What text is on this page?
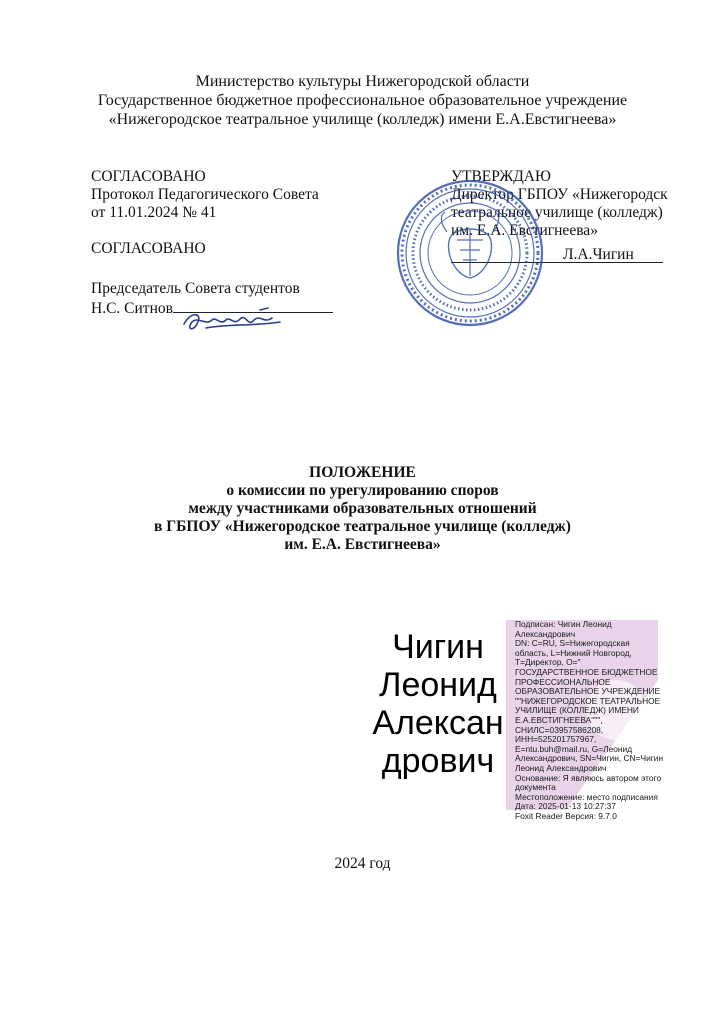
Министерство культуры Нижегородской области
Государственное бюджетное профессиональное образовательное учреждение
«Нижегородское театральное училище (колледж) имени Е.А.Евстигнеева»
СОГЛАСОВАНО
Протокол Педагогического Совета
от 11.01.2024 № 41
СОГЛАСОВАНО
Председатель Совета студентов
Н.С. Ситнов
УТВЕРЖДАЮ
Директор ГБПОУ «Нижегородск
театральное училище (колледж)
им. Е.А. Евстигнеева»
Л.А.Чигин
ПОЛОЖЕНИЕ
о комиссии по урегулированию споров
между участниками образовательных отношений
в ГБПОУ «Нижегородское театральное училище (колледж)
им. Е.А. Евстигнеева»
Чигин
Леонид
Алексан
дрович
Подписан: Чигин Леонид
Александрович
DN: C=RU, S=Нижегородская
область, L=Нижний Новгород,
T=Директор, O="
ГОСУДАРСТВЕННОЕ БЮДЖЕТНОЕ
ПРОФЕССИОНАЛЬНОЕ
ОБРАЗОВАТЕЛЬНОЕ УЧРЕЖДЕНИЕ
""НИЖЕГОРОДСКОЕ ТЕАТРАЛЬНОЕ
УЧИЛИЩЕ (КОЛЛЕДЖ) ИМЕНИ
Е.А.ЕВСТИГНЕЕВА""",
СНИЛС=03957586208,
ИНН=525201757967,
E=ntu.buh@mail.ru, G=Леонид
Александрович, SN=Чигин, CN=Чигин
Леонид Александрович
Основание: Я являюсь автором этого
документа
Местоположение: место подписания
Дата: 2025-01-13 10:27:37
Foxit Reader Версия: 9.7.0
2024 год
